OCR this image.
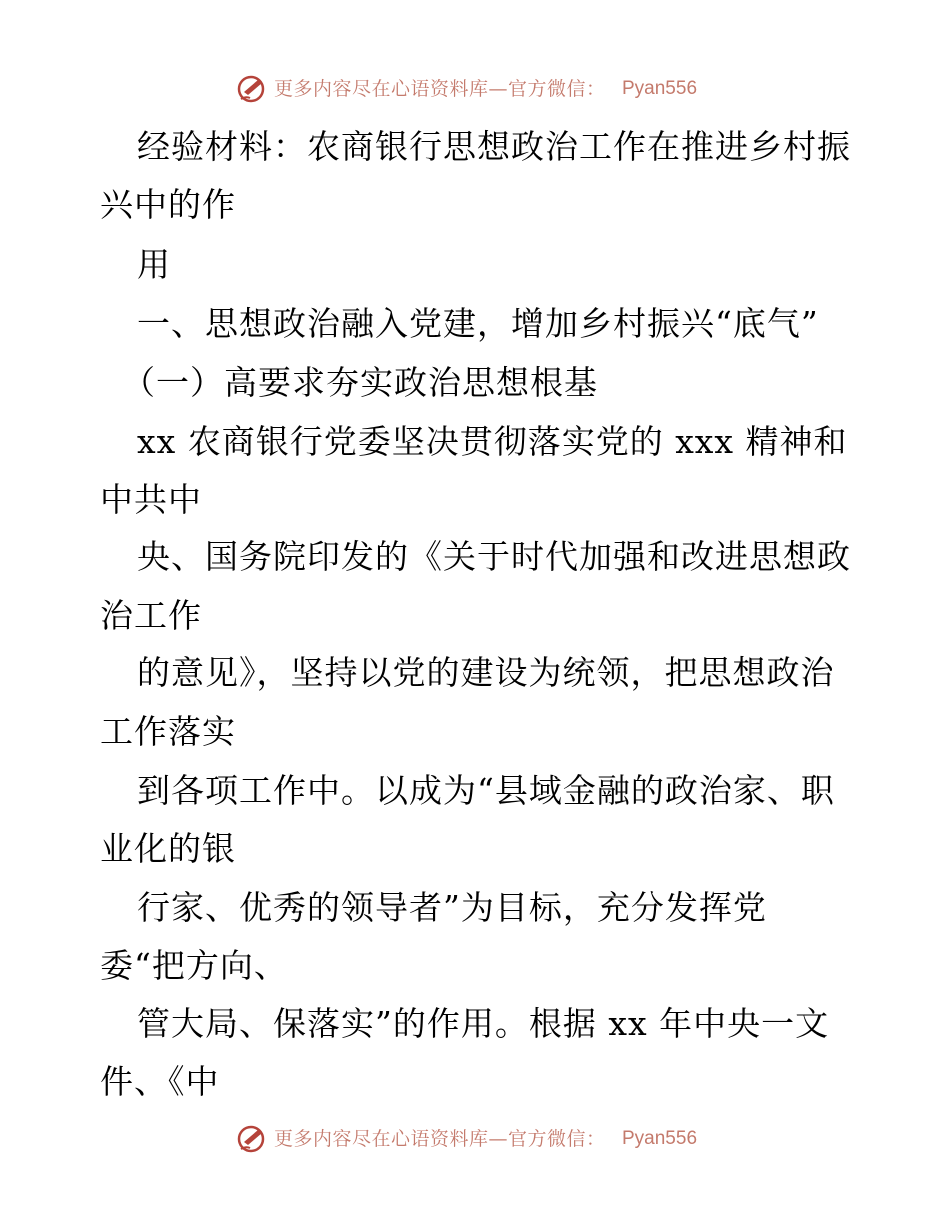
更多内容尽在心语资料库—官方微信： Pyan556
经验材料：农商银行思想政治工作在推进乡村振
兴中的作
用
一、思想政治融入党建，增加乡村振兴“底气”
（一）高要求夯实政治思想根基
xx 农商银行党委坚决贯彻落实党的 xxx 精神和
中共中
央、国务院印发的《关于时代加强和改进思想政
治工作
的意见》，坚持以党的建设为统领，把思想政治
工作落实
到各项工作中。以成为“县域金融的政治家、职
业化的银
行家、优秀的领导者”为目标，充分发挥党
委“把方向、
管大局、保落实”的作用。根据 xx 年中央一文
件、《中
更多内容尽在心语资料库—官方微信： Pyan556
